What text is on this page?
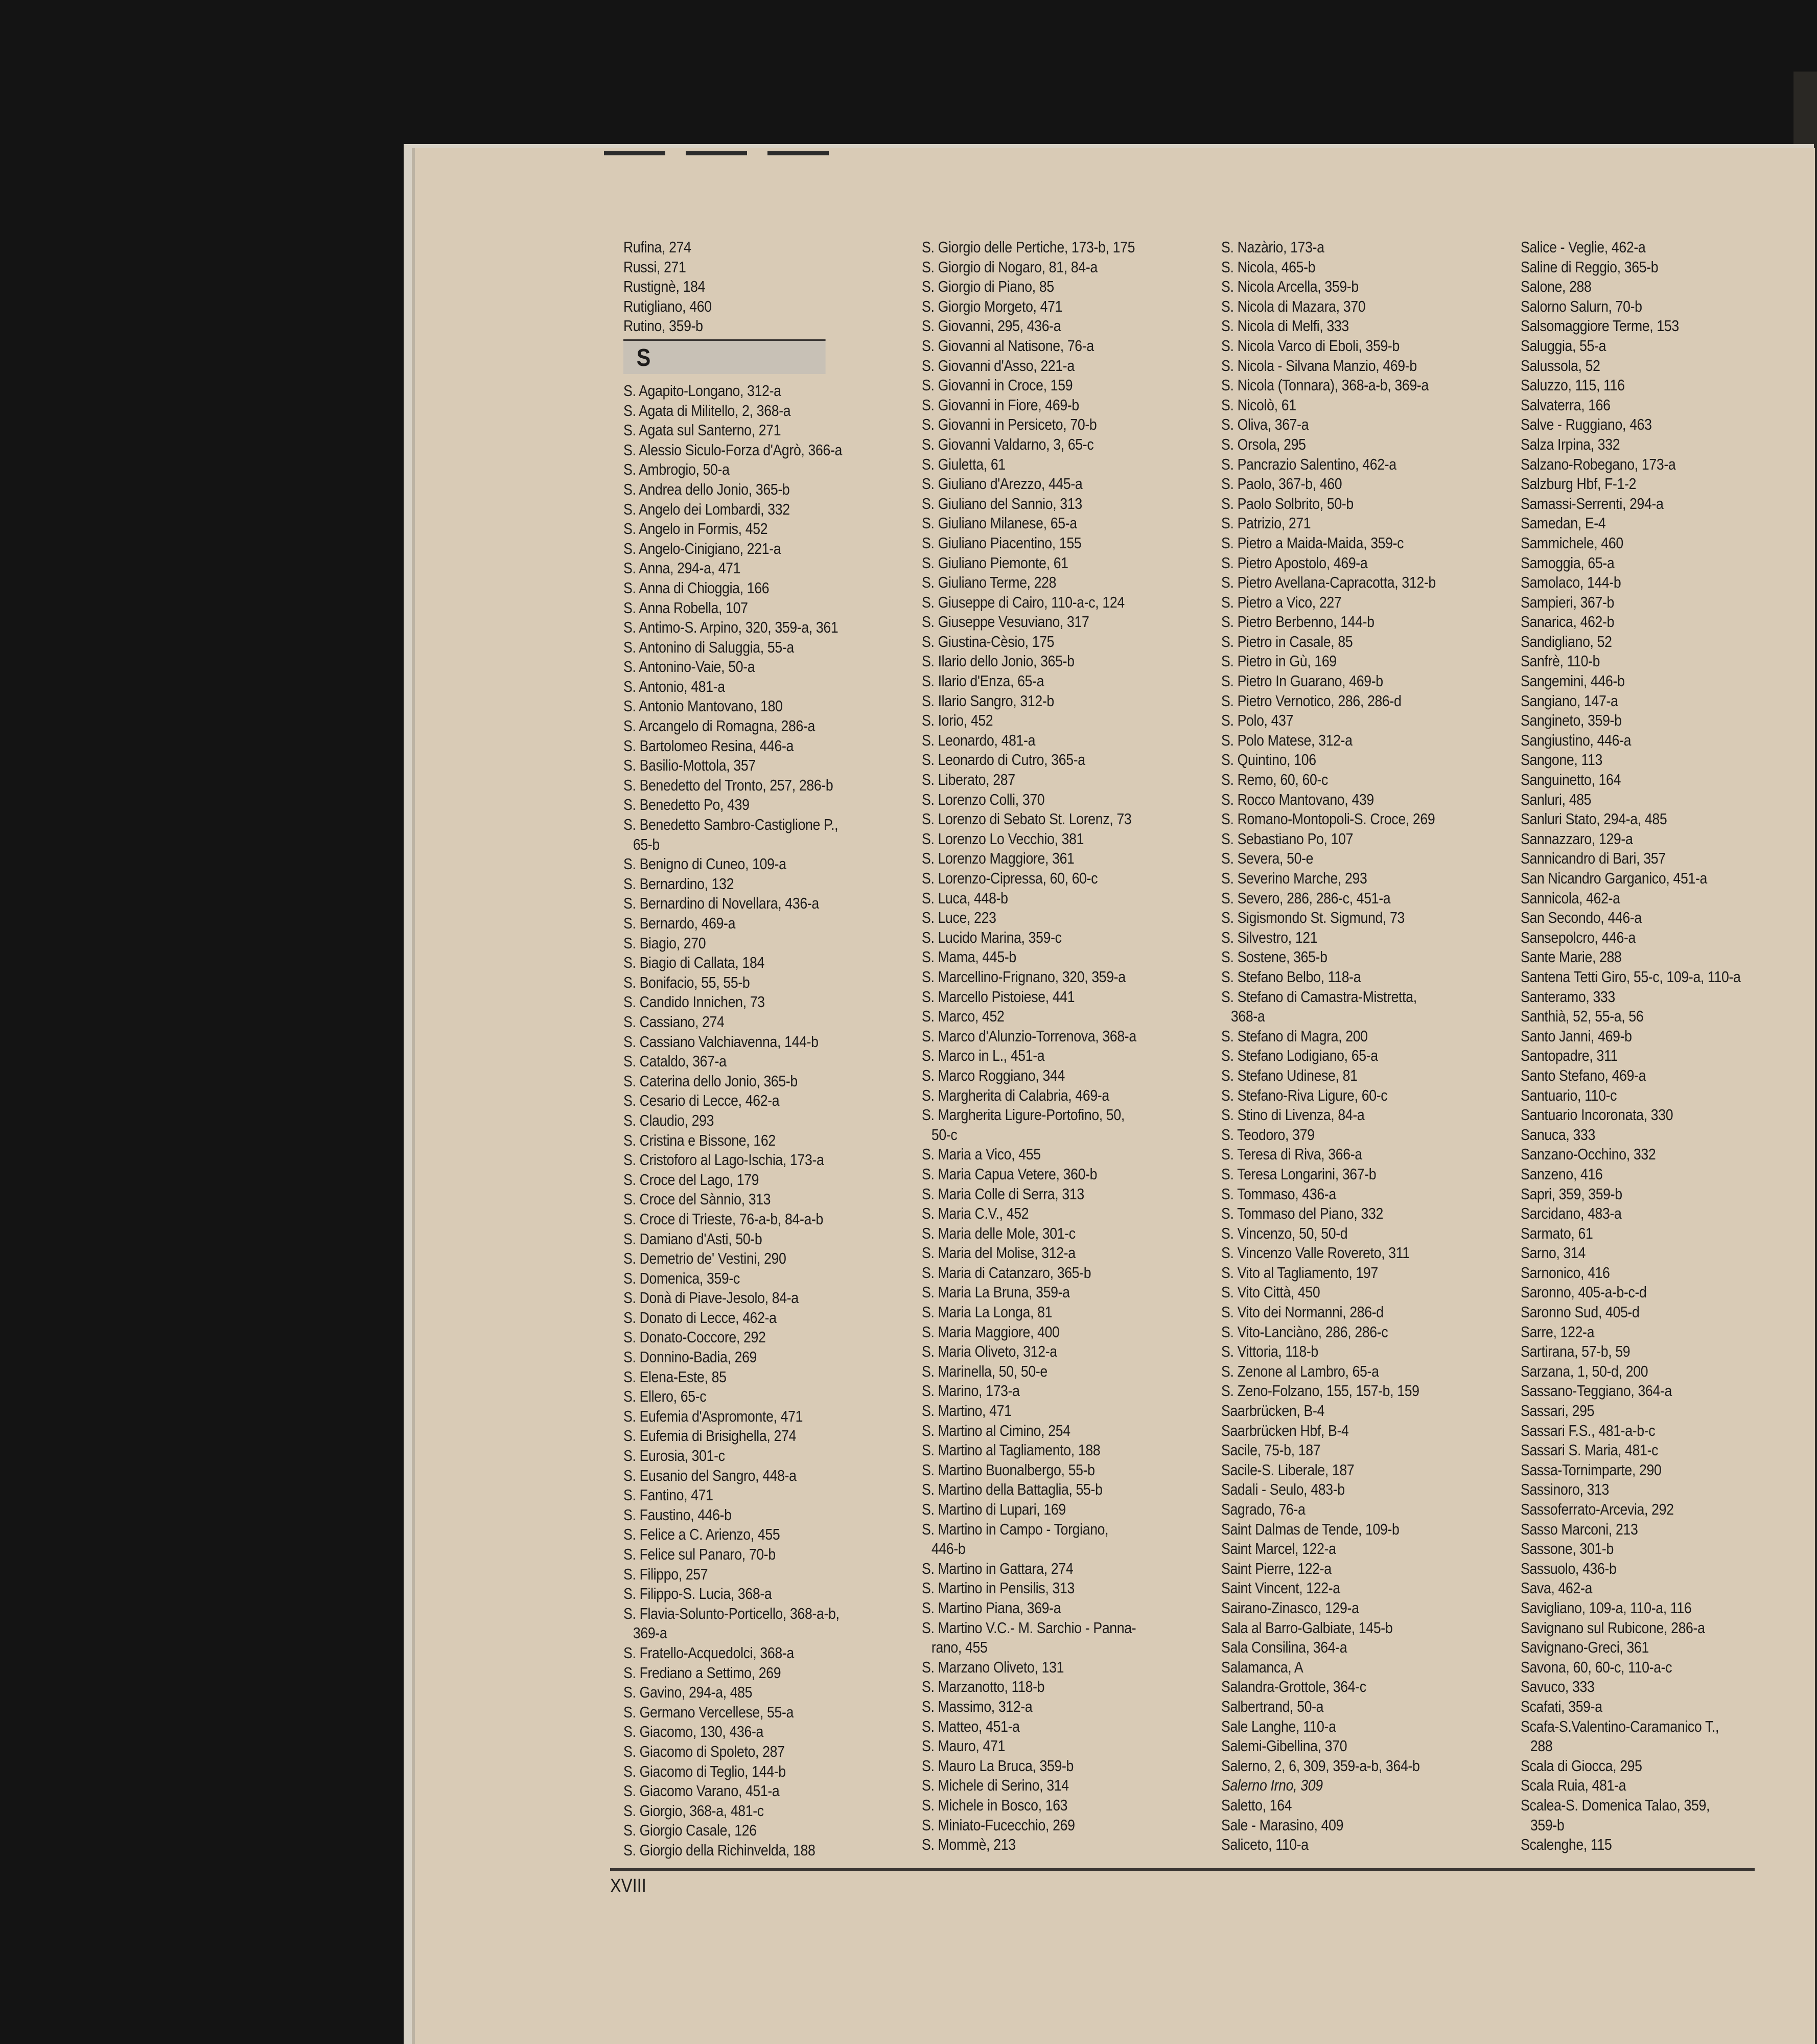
Rufina, 274
Russi, 271
Rustignè, 184
Rutigliano, 460
Rutino, 359-b
S
S. Agapito-Longano, 312-a
S. Agata di Militello, 2, 368-a
S. Agata sul Santerno, 271
S. Alessio Siculo-Forza d'Agrò, 366-a
S. Ambrogio, 50-a
S. Andrea dello Jonio, 365-b
S. Angelo dei Lombardi, 332
S. Angelo in Formis, 452
S. Angelo-Cinigiano, 221-a
S. Anna, 294-a, 471
S. Anna di Chioggia, 166
S. Anna Robella, 107
S. Antimo-S. Arpino, 320, 359-a, 361
S. Antonino di Saluggia, 55-a
S. Antonino-Vaie, 50-a
S. Antonio, 481-a
S. Antonio Mantovano, 180
S. Arcangelo di Romagna, 286-a
S. Bartolomeo Resina, 446-a
S. Basilio-Mottola, 357
S. Benedetto del Tronto, 257, 286-b
S. Benedetto Po, 439
S. Benedetto Sambro-Castiglione P.,
65-b
S. Benigno di Cuneo, 109-a
S. Bernardino, 132
S. Bernardino di Novellara, 436-a
S. Bernardo, 469-a
S. Biagio, 270
S. Biagio di Callata, 184
S. Bonifacio, 55, 55-b
S. Candido Innichen, 73
S. Cassiano, 274
S. Cassiano Valchiavenna, 144-b
S. Cataldo, 367-a
S. Caterina dello Jonio, 365-b
S. Cesario di Lecce, 462-a
S. Claudio, 293
S. Cristina e Bissone, 162
S. Cristoforo al Lago-Ischia, 173-a
S. Croce del Lago, 179
S. Croce del Sànnio, 313
S. Croce di Trieste, 76-a-b, 84-a-b
S. Damiano d'Asti, 50-b
S. Demetrio de' Vestini, 290
S. Domenica, 359-c
S. Donà di Piave-Jesolo, 84-a
S. Donato di Lecce, 462-a
S. Donato-Coccore, 292
S. Donnino-Badia, 269
S. Elena-Este, 85
S. Ellero, 65-c
S. Eufemia d'Aspromonte, 471
S. Eufemia di Brisighella, 274
S. Eurosia, 301-c
S. Eusanio del Sangro, 448-a
S. Fantino, 471
S. Faustino, 446-b
S. Felice a C. Arienzo, 455
S. Felice sul Panaro, 70-b
S. Filippo, 257
S. Filippo-S. Lucia, 368-a
S. Flavia-Solunto-Porticello, 368-a-b,
369-a
S. Fratello-Acquedolci, 368-a
S. Frediano a Settimo, 269
S. Gavino, 294-a, 485
S. Germano Vercellese, 55-a
S. Giacomo, 130, 436-a
S. Giacomo di Spoleto, 287
S. Giacomo di Teglio, 144-b
S. Giacomo Varano, 451-a
S. Giorgio, 368-a, 481-c
S. Giorgio Casale, 126
S. Giorgio della Richinvelda, 188
S. Giorgio delle Pertiche, 173-b, 175
S. Giorgio di Nogaro, 81, 84-a
S. Giorgio di Piano, 85
S. Giorgio Morgeto, 471
S. Giovanni, 295, 436-a
S. Giovanni al Natisone, 76-a
S. Giovanni d'Asso, 221-a
S. Giovanni in Croce, 159
S. Giovanni in Fiore, 469-b
S. Giovanni in Persiceto, 70-b
S. Giovanni Valdarno, 3, 65-c
S. Giuletta, 61
S. Giuliano d'Arezzo, 445-a
S. Giuliano del Sannio, 313
S. Giuliano Milanese, 65-a
S. Giuliano Piacentino, 155
S. Giuliano Piemonte, 61
S. Giuliano Terme, 228
S. Giuseppe di Cairo, 110-a-c, 124
S. Giuseppe Vesuviano, 317
S. Giustina-Cèsio, 175
S. Ilario dello Jonio, 365-b
S. Ilario d'Enza, 65-a
S. Ilario Sangro, 312-b
S. Iorio, 452
S. Leonardo, 481-a
S. Leonardo di Cutro, 365-a
S. Liberato, 287
S. Lorenzo Colli, 370
S. Lorenzo di Sebato St. Lorenz, 73
S. Lorenzo Lo Vecchio, 381
S. Lorenzo Maggiore, 361
S. Lorenzo-Cipressa, 60, 60-c
S. Luca, 448-b
S. Luce, 223
S. Lucido Marina, 359-c
S. Mama, 445-b
S. Marcellino-Frignano, 320, 359-a
S. Marcello Pistoiese, 441
S. Marco, 452
S. Marco d'Alunzio-Torrenova, 368-a
S. Marco in L., 451-a
S. Marco Roggiano, 344
S. Margherita di Calabria, 469-a
S. Margherita Ligure-Portofino, 50,
50-c
S. Maria a Vico, 455
S. Maria Capua Vetere, 360-b
S. Maria Colle di Serra, 313
S. Maria C.V., 452
S. Maria delle Mole, 301-c
S. Maria del Molise, 312-a
S. Maria di Catanzaro, 365-b
S. Maria La Bruna, 359-a
S. Maria La Longa, 81
S. Maria Maggiore, 400
S. Maria Oliveto, 312-a
S. Marinella, 50, 50-e
S. Marino, 173-a
S. Martino, 471
S. Martino al Cimino, 254
S. Martino al Tagliamento, 188
S. Martino Buonalbergo, 55-b
S. Martino della Battaglia, 55-b
S. Martino di Lupari, 169
S. Martino in Campo - Torgiano,
446-b
S. Martino in Gattara, 274
S. Martino in Pensilis, 313
S. Martino Piana, 369-a
S. Martino V.C.- M. Sarchio - Panna-
rano, 455
S. Marzano Oliveto, 131
S. Marzanotto, 118-b
S. Massimo, 312-a
S. Matteo, 451-a
S. Mauro, 471
S. Mauro La Bruca, 359-b
S. Michele di Serino, 314
S. Michele in Bosco, 163
S. Miniato-Fucecchio, 269
S. Mommè, 213
S. Nazàrio, 173-a
S. Nicola, 465-b
S. Nicola Arcella, 359-b
S. Nicola di Mazara, 370
S. Nicola di Melfi, 333
S. Nicola Varco di Eboli, 359-b
S. Nicola - Silvana Manzio, 469-b
S. Nicola (Tonnara), 368-a-b, 369-a
S. Nicolò, 61
S. Oliva, 367-a
S. Orsola, 295
S. Pancrazio Salentino, 462-a
S. Paolo, 367-b, 460
S. Paolo Solbrito, 50-b
S. Patrizio, 271
S. Pietro a Maida-Maida, 359-c
S. Pietro Apostolo, 469-a
S. Pietro Avellana-Capracotta, 312-b
S. Pietro a Vico, 227
S. Pietro Berbenno, 144-b
S. Pietro in Casale, 85
S. Pietro in Gù, 169
S. Pietro In Guarano, 469-b
S. Pietro Vernotico, 286, 286-d
S. Polo, 437
S. Polo Matese, 312-a
S. Quintino, 106
S. Remo, 60, 60-c
S. Rocco Mantovano, 439
S. Romano-Montopoli-S. Croce, 269
S. Sebastiano Po, 107
S. Severa, 50-e
S. Severino Marche, 293
S. Severo, 286, 286-c, 451-a
S. Sigismondo St. Sigmund, 73
S. Silvestro, 121
S. Sostene, 365-b
S. Stefano Belbo, 118-a
S. Stefano di Camastra-Mistretta,
368-a
S. Stefano di Magra, 200
S. Stefano Lodigiano, 65-a
S. Stefano Udinese, 81
S. Stefano-Riva Ligure, 60-c
S. Stino di Livenza, 84-a
S. Teodoro, 379
S. Teresa di Riva, 366-a
S. Teresa Longarini, 367-b
S. Tommaso, 436-a
S. Tommaso del Piano, 332
S. Vincenzo, 50, 50-d
S. Vincenzo Valle Rovereto, 311
S. Vito al Tagliamento, 197
S. Vito Città, 450
S. Vito dei Normanni, 286-d
S. Vito-Lanciàno, 286, 286-c
S. Vittoria, 118-b
S. Zenone al Lambro, 65-a
S. Zeno-Folzano, 155, 157-b, 159
Saarbrücken, B-4
Saarbrücken Hbf, B-4
Sacile, 75-b, 187
Sacile-S. Liberale, 187
Sadali - Seulo, 483-b
Sagrado, 76-a
Saint Dalmas de Tende, 109-b
Saint Marcel, 122-a
Saint Pierre, 122-a
Saint Vincent, 122-a
Sairano-Zinasco, 129-a
Sala al Barro-Galbiate, 145-b
Sala Consilina, 364-a
Salamanca, A
Salandra-Grottole, 364-c
Salbertrand, 50-a
Sale Langhe, 110-a
Salemi-Gibellina, 370
Salerno, 2, 6, 309, 359-a-b, 364-b
Salerno Irno, 309
Saletto, 164
Sale - Marasino, 409
Saliceto, 110-a
Salice - Veglie, 462-a
Saline di Reggio, 365-b
Salone, 288
Salorno Salurn, 70-b
Salsomaggiore Terme, 153
Saluggia, 55-a
Salussola, 52
Saluzzo, 115, 116
Salvaterra, 166
Salve - Ruggiano, 463
Salza Irpina, 332
Salzano-Robegano, 173-a
Salzburg Hbf, F-1-2
Samassi-Serrenti, 294-a
Samedan, E-4
Sammichele, 460
Samoggia, 65-a
Samolaco, 144-b
Sampieri, 367-b
Sanarica, 462-b
Sandigliano, 52
Sanfrè, 110-b
Sangemini, 446-b
Sangiano, 147-a
Sangineto, 359-b
Sangiustino, 446-a
Sangone, 113
Sanguinetto, 164
Sanluri, 485
Sanluri Stato, 294-a, 485
Sannazzaro, 129-a
Sannicandro di Bari, 357
San Nicandro Garganico, 451-a
Sannicola, 462-a
San Secondo, 446-a
Sansepolcro, 446-a
Sante Marie, 288
Santena Tetti Giro, 55-c, 109-a, 110-a
Santeramo, 333
Santhià, 52, 55-a, 56
Santo Janni, 469-b
Santopadre, 311
Santo Stefano, 469-a
Santuario, 110-c
Santuario Incoronata, 330
Sanuca, 333
Sanzano-Occhino, 332
Sanzeno, 416
Sapri, 359, 359-b
Sarcidano, 483-a
Sarmato, 61
Sarno, 314
Sarnonico, 416
Saronno, 405-a-b-c-d
Saronno Sud, 405-d
Sarre, 122-a
Sartirana, 57-b, 59
Sarzana, 1, 50-d, 200
Sassano-Teggiano, 364-a
Sassari, 295
Sassari F.S., 481-a-b-c
Sassari S. Maria, 481-c
Sassa-Tornimparte, 290
Sassinoro, 313
Sassoferrato-Arcevia, 292
Sasso Marconi, 213
Sassone, 301-b
Sassuolo, 436-b
Sava, 462-a
Savigliano, 109-a, 110-a, 116
Savignano sul Rubicone, 286-a
Savignano-Greci, 361
Savona, 60, 60-c, 110-a-c
Savuco, 333
Scafati, 359-a
Scafa-S.Valentino-Caramanico T.,
288
Scala di Giocca, 295
Scala Ruia, 481-a
Scalea-S. Domenica Talao, 359,
359-b
Scalenghe, 115
XVIII
